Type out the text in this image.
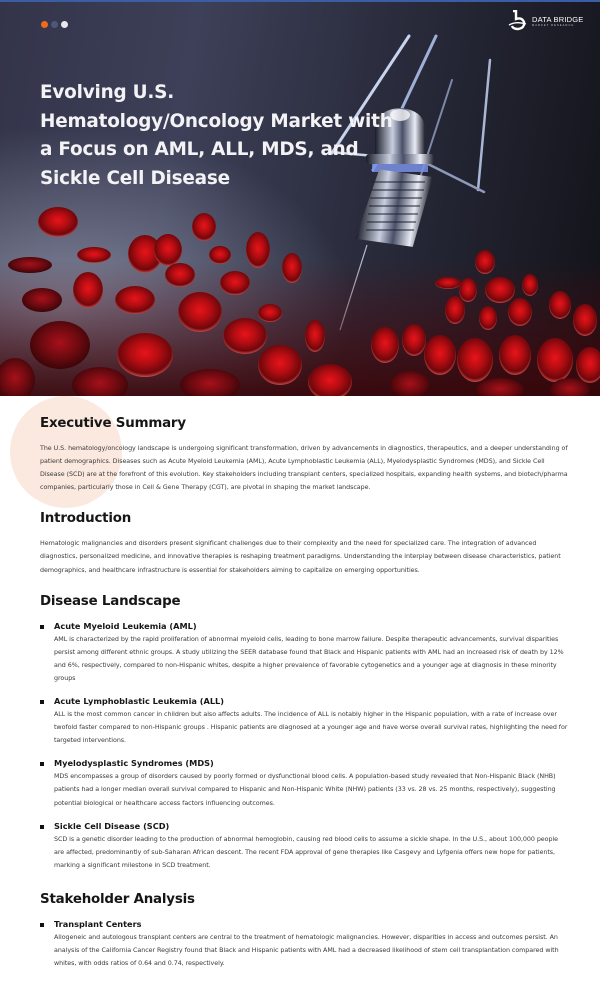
DATA BRIDGE
MARKET RESEARCH
Evolving U.S. Hematology/Oncology Market with a Focus on AML, ALL, MDS, and Sickle Cell Disease
Executive Summary

The U.S. hematology/oncology landscape is undergoing significant transformation, driven by advancements in diagnostics, therapeutics, and a deeper understanding of patient demographics. Diseases such as Acute Myeloid Leukemia (AML), Acute Lymphoblastic Leukemia (ALL), Myelodysplastic Syndromes (MDS), and Sickle Cell Disease (SCD) are at the forefront of this evolution. Key stakeholders including transplant centers, specialized hospitals, expanding health systems, and biotech/pharma companies, particularly those in Cell & Gene Therapy (CGT), are pivotal in shaping the market landscape.

Introduction

Hematologic malignancies and disorders present significant challenges due to their complexity and the need for specialized care. The integration of advanced diagnostics, personalized medicine, and innovative therapies is reshaping treatment paradigms. Understanding the interplay between disease characteristics, patient demographics, and healthcare infrastructure is essential for stakeholders aiming to capitalize on emerging opportunities.

Disease Landscape
Acute Myeloid Leukemia (AML)
AML is characterized by the rapid proliferation of abnormal myeloid cells, leading to bone marrow failure. Despite therapeutic advancements, survival disparities persist among different ethnic groups. A study utilizing the SEER database found that Black and Hispanic patients with AML had an increased risk of death by 12% and 6%, respectively, compared to non-Hispanic whites, despite a higher prevalence of favorable cytogenetics and a younger age at diagnosis in these minority groups
Acute Lymphoblastic Leukemia (ALL)
ALL is the most common cancer in children but also affects adults. The incidence of ALL is notably higher in the Hispanic population, with a rate of increase over twofold faster compared to non-Hispanic groups . Hispanic patients are diagnosed at a younger age and have worse overall survival rates, highlighting the need for targeted interventions.
Myelodysplastic Syndromes (MDS)
MDS encompasses a group of disorders caused by poorly formed or dysfunctional blood cells. A population-based study revealed that Non-Hispanic Black (NHB) patients had a longer median overall survival compared to Hispanic and Non-Hispanic White (NHW) patients (33 vs. 28 vs. 25 months, respectively), suggesting potential biological or healthcare access factors influencing outcomes.
Sickle Cell Disease (SCD)
SCD is a genetic disorder leading to the production of abnormal hemoglobin, causing red blood cells to assume a sickle shape. In the U.S., about 100,000 people are affected, predominantly of sub-Saharan African descent. The recent FDA approval of gene therapies like Casgevy and Lyfgenia offers new hope for patients, marking a significant milestone in SCD treatment.
Stakeholder Analysis
Transplant Centers
Allogeneic and autologous transplant centers are central to the treatment of hematologic malignancies. However, disparities in access and outcomes persist. An analysis of the California Cancer Registry found that Black and Hispanic patients with AML had a decreased likelihood of stem cell transplantation compared with whites, with odds ratios of 0.64 and 0.74, respectively.
